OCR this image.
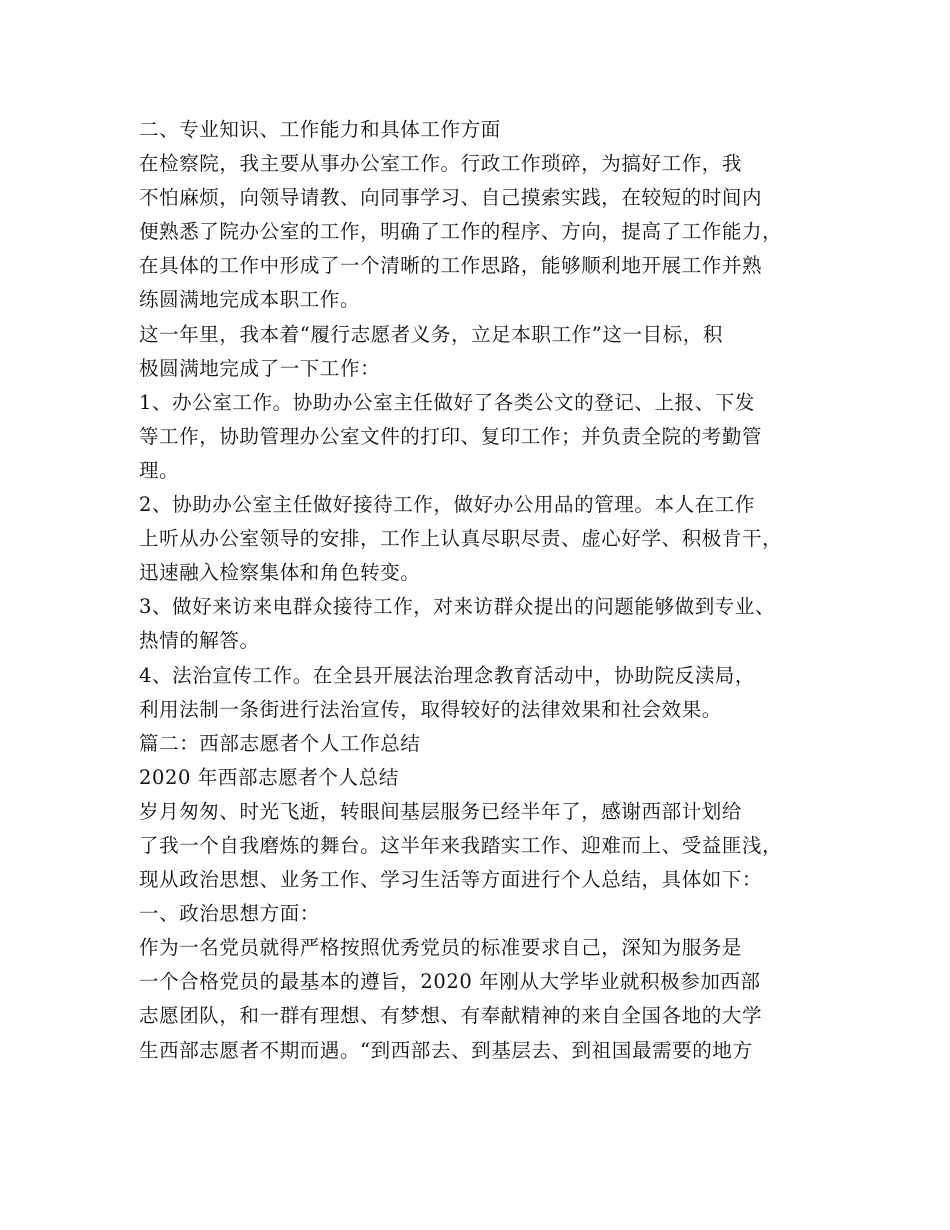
二、专业知识、工作能力和具体工作方面
在检察院，我主要从事办公室工作。行政工作琐碎，为搞好工作，我
不怕麻烦，向领导请教、向同事学习、自己摸索实践，在较短的时间内
便熟悉了院办公室的工作，明确了工作的程序、方向，提高了工作能力，
在具体的工作中形成了一个清晰的工作思路，能够顺利地开展工作并熟
练圆满地完成本职工作。
这一年里，我本着“履行志愿者义务，立足本职工作”这一目标，积
极圆满地完成了一下工作：
1、办公室工作。协助办公室主任做好了各类公文的登记、上报、下发
等工作，协助管理办公室文件的打印、复印工作；并负责全院的考勤管
理。
2、协助办公室主任做好接待工作，做好办公用品的管理。本人在工作
上听从办公室领导的安排，工作上认真尽职尽责、虚心好学、积极肯干，
迅速融入检察集体和角色转变。
3、做好来访来电群众接待工作，对来访群众提出的问题能够做到专业、
热情的解答。
4、法治宣传工作。在全县开展法治理念教育活动中，协助院反渎局，
利用法制一条街进行法治宣传，取得较好的法律效果和社会效果。
篇二：西部志愿者个人工作总结
2020 年西部志愿者个人总结
岁月匆匆、时光飞逝，转眼间基层服务已经半年了，感谢西部计划给
了我一个自我磨炼的舞台。这半年来我踏实工作、迎难而上、受益匪浅，
现从政治思想、业务工作、学习生活等方面进行个人总结，具体如下：
一、政治思想方面：
作为一名党员就得严格按照优秀党员的标准要求自己，深知为服务是
一个合格党员的最基本的遵旨，2020 年刚从大学毕业就积极参加西部
志愿团队，和一群有理想、有梦想、有奉献精神的来自全国各地的大学
生西部志愿者不期而遇。“到西部去、到基层去、到祖国最需要的地方
